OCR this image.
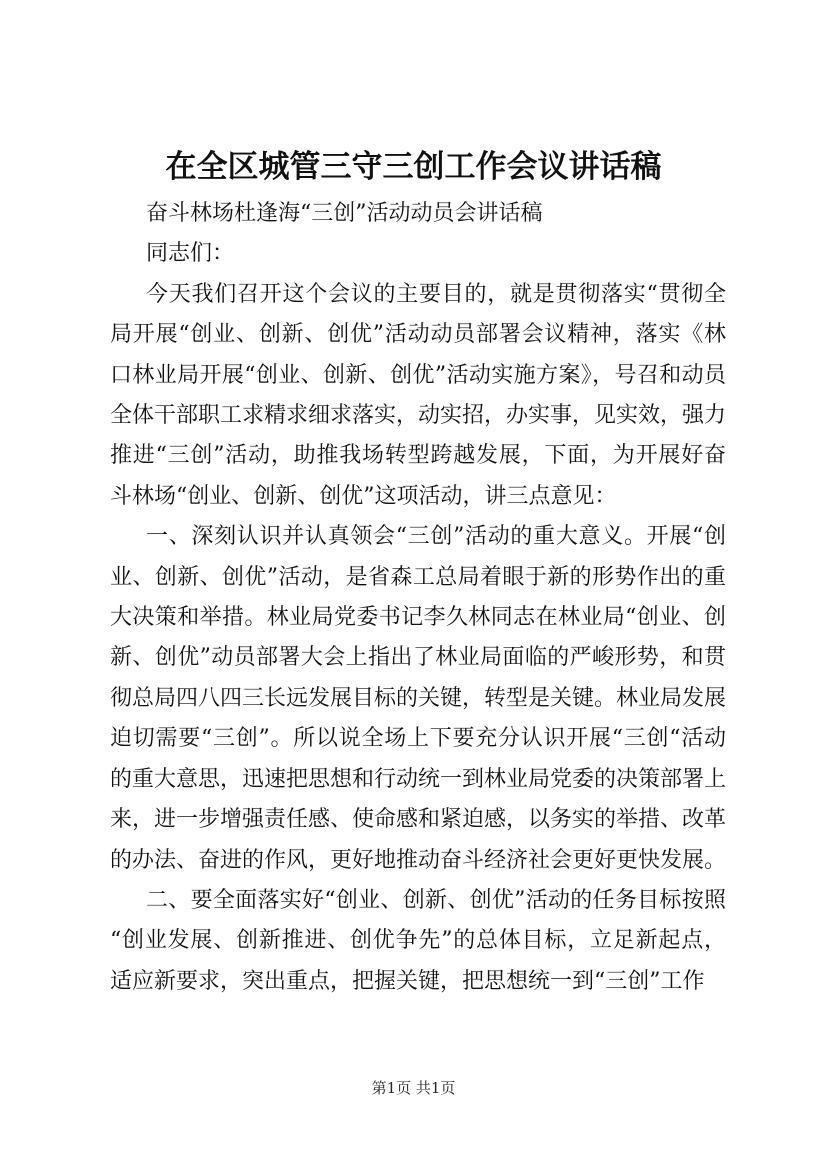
在全区城管三守三创工作会议讲话稿

奋斗林场杜逢海“三创”活动动员会讲话稿

同志们：

今天我们召开这个会议的主要目的，就是贯彻落实“贯彻全局开展“创业、创新、创优”活动动员部署会议精神，落实《林口林业局开展“创业、创新、创优”活动实施方案》，号召和动员全体干部职工求精求细求落实，动实招，办实事，见实效，强力推进“三创”活动，助推我场转型跨越发展，下面，为开展好奋斗林场“创业、创新、创优”这项活动，讲三点意见：

一、深刻认识并认真领会“三创”活动的重大意义。开展“创业、创新、创优”活动，是省森工总局着眼于新的形势作出的重大决策和举措。林业局党委书记李久林同志在林业局“创业、创新、创优”动员部署大会上指出了林业局面临的严峻形势，和贯彻总局四八四三长远发展目标的关键，转型是关键。林业局发展迫切需要“三创”。所以说全场上下要充分认识开展“三创“活动的重大意思，迅速把思想和行动统一到林业局党委的决策部署上来，进一步增强责任感、使命感和紧迫感，以务实的举措、改革的办法、奋进的作风，更好地推动奋斗经济社会更好更快发展。

二、要全面落实好“创业、创新、创优”活动的任务目标按照“创业发展、创新推进、创优争先”的总体目标，立足新起点，适应新要求，突出重点，把握关键，把思想统一到“三创”工作

第1页 共1页
